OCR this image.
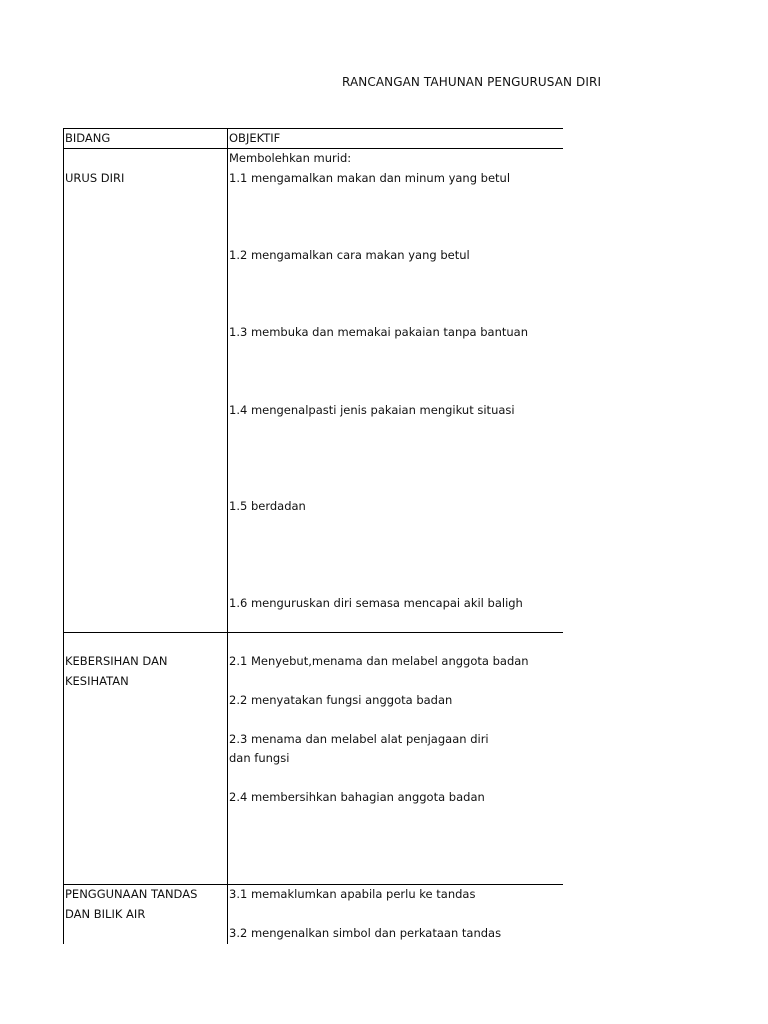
RANCANGAN TAHUNAN PENGURUSAN DIRI
BIDANG	OBJEKTIF
URUS DIRI
Membolehkan murid:
1.1 mengamalkan makan dan minum yang betul
1.2 mengamalkan cara makan yang betul
1.3 membuka dan memakai pakaian tanpa bantuan
1.4 mengenalpasti jenis pakaian mengikut situasi
1.5 berdadan
1.6 menguruskan diri semasa mencapai akil baligh
KEBERSIHAN DAN
KESIHATAN
2.1 Menyebut,menama dan melabel anggota badan
2.2 menyatakan fungsi anggota badan
2.3 menama dan melabel alat penjagaan diri
dan fungsi
2.4 membersihkan bahagian anggota badan
PENGGUNAAN TANDAS
DAN BILIK AIR
3.1 memaklumkan apabila perlu ke tandas
3.2 mengenalkan simbol dan perkataan tandas
